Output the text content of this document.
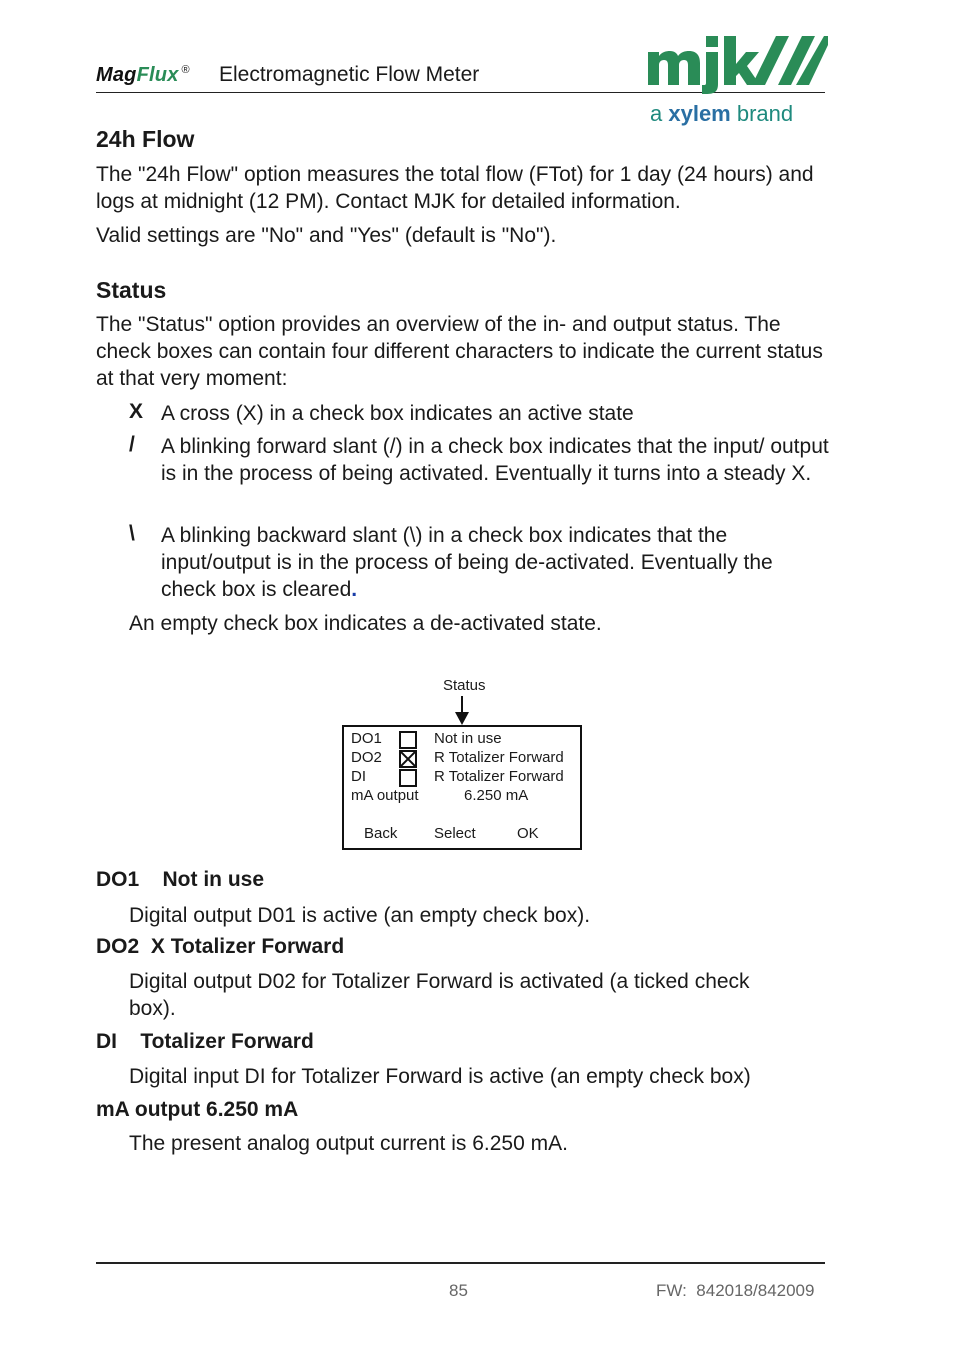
MagFlux ® Electromagnetic Flow Meter
a xylem brand
24h Flow

The "24h Flow" option measures the total flow (FTot) for 1 day (24 hours) and logs at midnight (12 PM). Contact MJK for detailed information.

Valid settings are "No" and "Yes" (default is "No").

Status

The "Status" option provides an overview of the in- and output status. The check boxes can contain four different characters to indicate the current status at that very moment:

X A cross (X) in a check box indicates an active state
/	A blinking forward slant (/) in a check box indicates that the input/ output is in the process of being activated. Eventually it turns into a steady X.
\	A blinking backward slant (\) in a check box indicates that the input/output is in the process of being de-activated. Eventually the check box is cleared.

An empty check box indicates a de-activated state.

Status
DO1	Not in use
DO2	R Totalizer Forward
DI	R Totalizer Forward
mA output	6.250 mA
Back Select	OK
DO1    Not in use

Digital output D01 is active (an empty check box).

DO2  X Totalizer Forward

Digital output D02 for Totalizer Forward is activated (a ticked check box).

DI    Totalizer Forward

Digital input DI for Totalizer Forward is active (an empty check box)

mA output 6.250 mA

The present analog output current is 6.250 mA.

85	FW:  842018/842009
